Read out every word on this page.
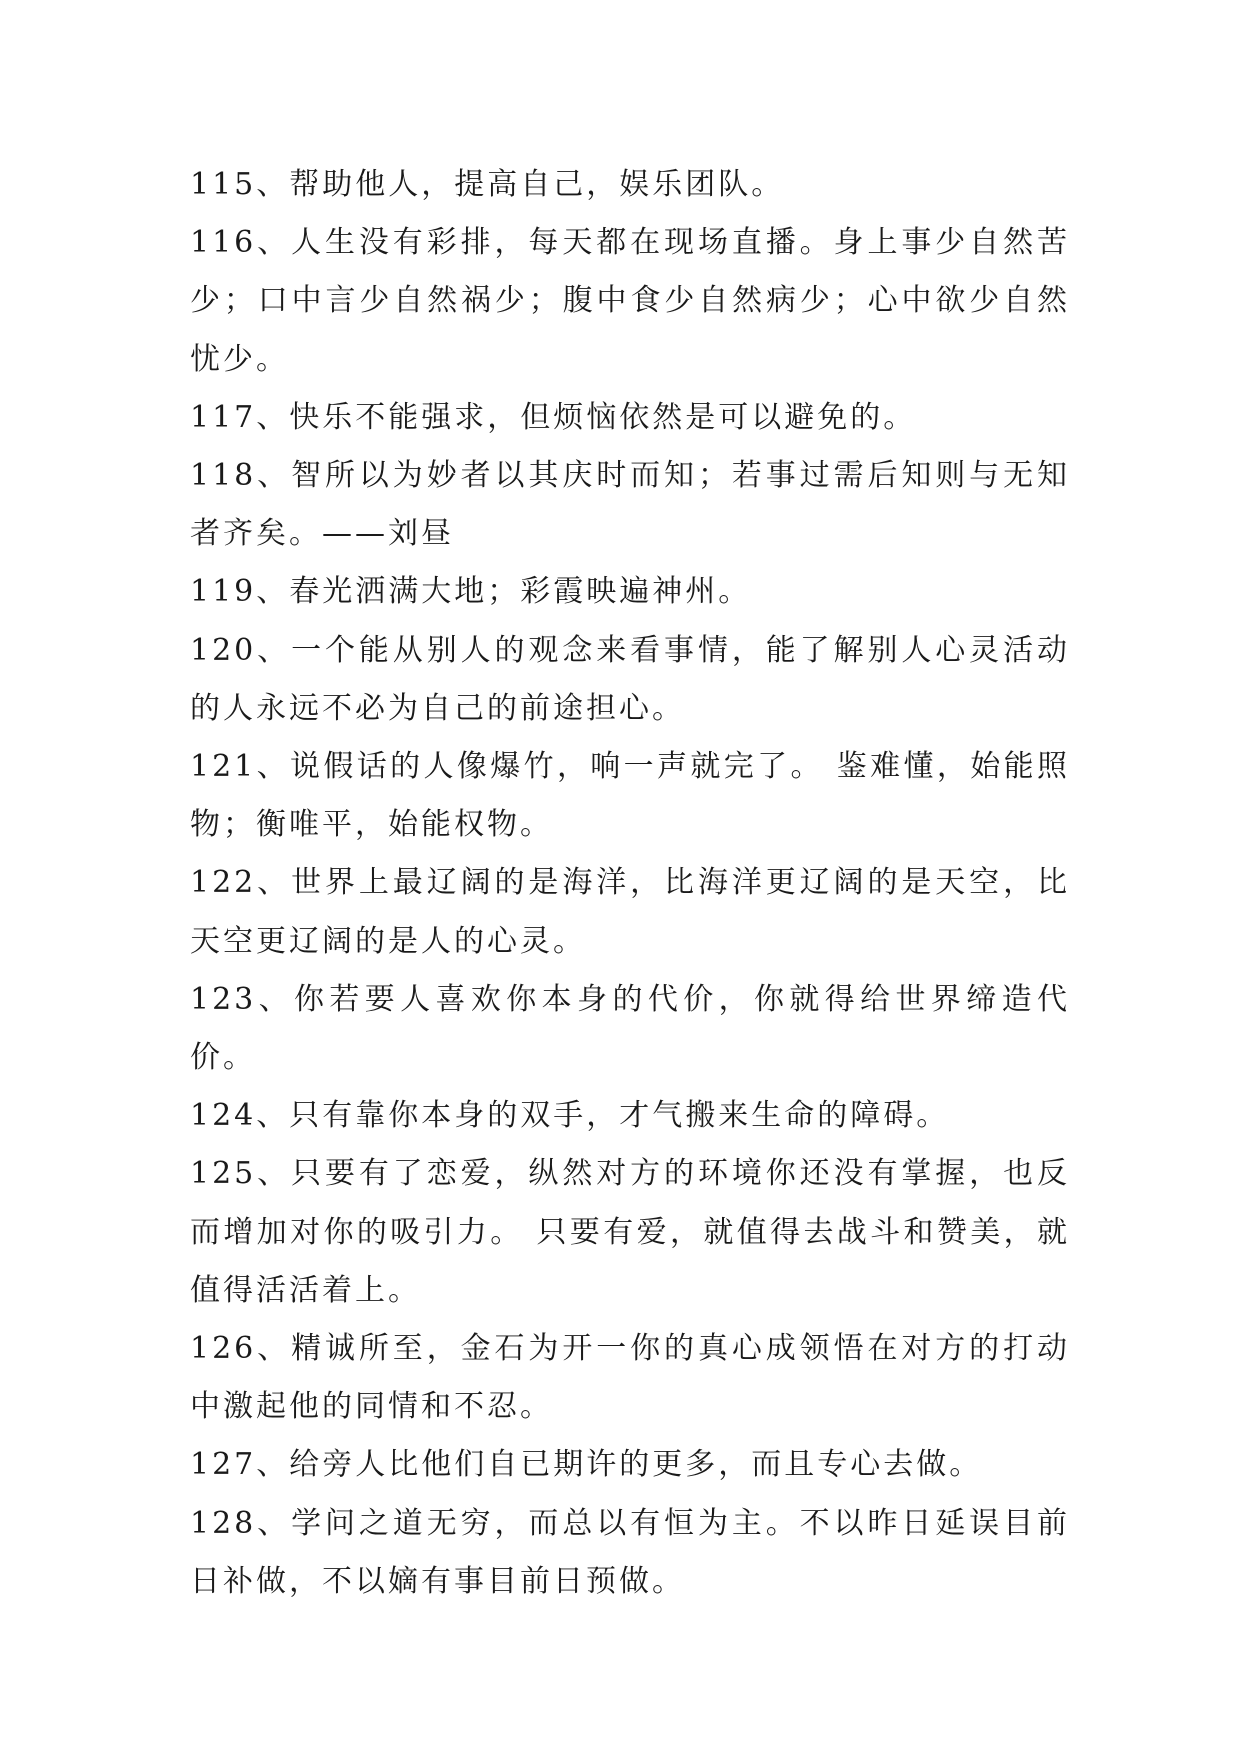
115、帮助他人，提高自己，娱乐团队。

116、人生没有彩排，每天都在现场直播。身上事少自然苦少；口中言少自然祸少；腹中食少自然病少；心中欲少自然忧少。

117、快乐不能强求，但烦恼依然是可以避免的。

118、智所以为妙者以其庆时而知；若事过需后知则与无知者齐矣。——刘昼

119、春光洒满大地；彩霞映遍神州。

120、一个能从别人的观念来看事情，能了解别人心灵活动的人永远不必为自己的前途担心。

121、说假话的人像爆竹，响一声就完了。 鉴难懂，始能照物；衡唯平，始能权物。

122、世界上最辽阔的是海洋，比海洋更辽阔的是天空，比天空更辽阔的是人的心灵。

123、你若要人喜欢你本身的代价，你就得给世界缔造代价。

124、只有靠你本身的双手，才气搬来生命的障碍。

125、只要有了恋爱，纵然对方的环境你还没有掌握，也反而增加对你的吸引力。 只要有爱，就值得去战斗和赞美，就值得活活着上。

126、精诚所至，金石为开一你的真心成领悟在对方的打动中激起他的同情和不忍。

127、给旁人比他们自已期许的更多，而且专心去做。

128、学问之道无穷，而总以有恒为主。不以昨日延误目前日补做，不以嫡有事目前日预做。
